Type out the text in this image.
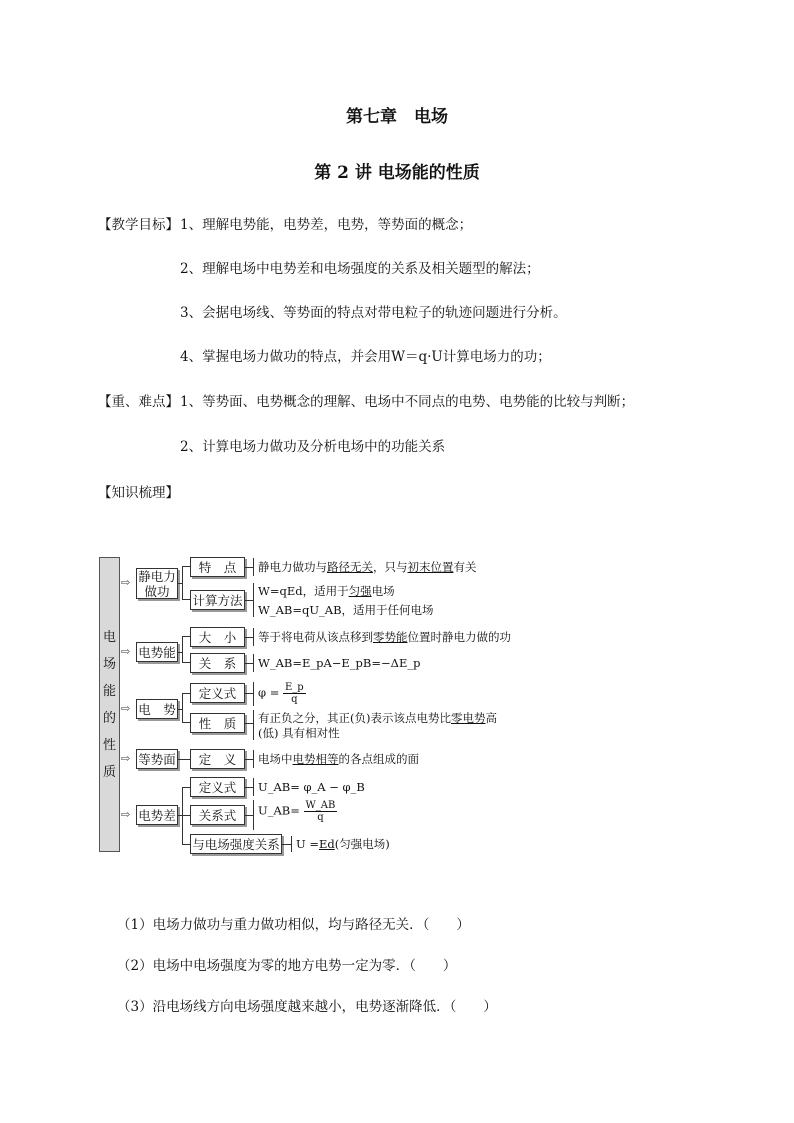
第七章　电场
第 2 讲 电场能的性质
【教学目标】 1、理解电势能，电势差，电势，等势面的概念；
2、理解电场中电势差和电场强度的关系及相关题型的解法；
3、会据电场线、等势面的特点对带电粒子的轨迹问题进行分析。
4、掌握电场力做功的特点，并会用W＝q·U计算电场力的功；
【重、难点】 1、等势面、电势概念的理解、电场中不同点的电势、电势能的比较与判断；
2、计算电场力做功及分析电场中的功能关系
【知识梳理】
电
场
能
的
性
质
⇨
⇨
⇨
⇨
⇨
静电力做功
电势能
电　势
等势面
电势差
特　点
计算方法
大　小
关　系
定义式
性　质
定　义
定义式
关系式
与电场强度关系
静电力做功与路径无关，只与初末位置有关
W=qEd，适用于匀强电场
W_AB=qU_AB，适用于任何电场
等于将电荷从该点移到零势能位置时静电力做的功
W_AB=E_pA−E_pB=−ΔE_p
$\varphi = \frac{E\_p}{q}$
有正负之分，其正(负)表示该点电势比零电势高
(低) 具有相对性
电场中电势相等的各点组成的面
U_AB= φ_A − φ_B
U_AB= $\frac{W\_AB}{q}$
U =Ed(匀强电场)
（1）电场力做功与重力做功相似，均与路径无关．（　　）
（2）电场中电场强度为零的地方电势一定为零．（　　）
（3）沿电场线方向电场强度越来越小，电势逐渐降低．（　　）
